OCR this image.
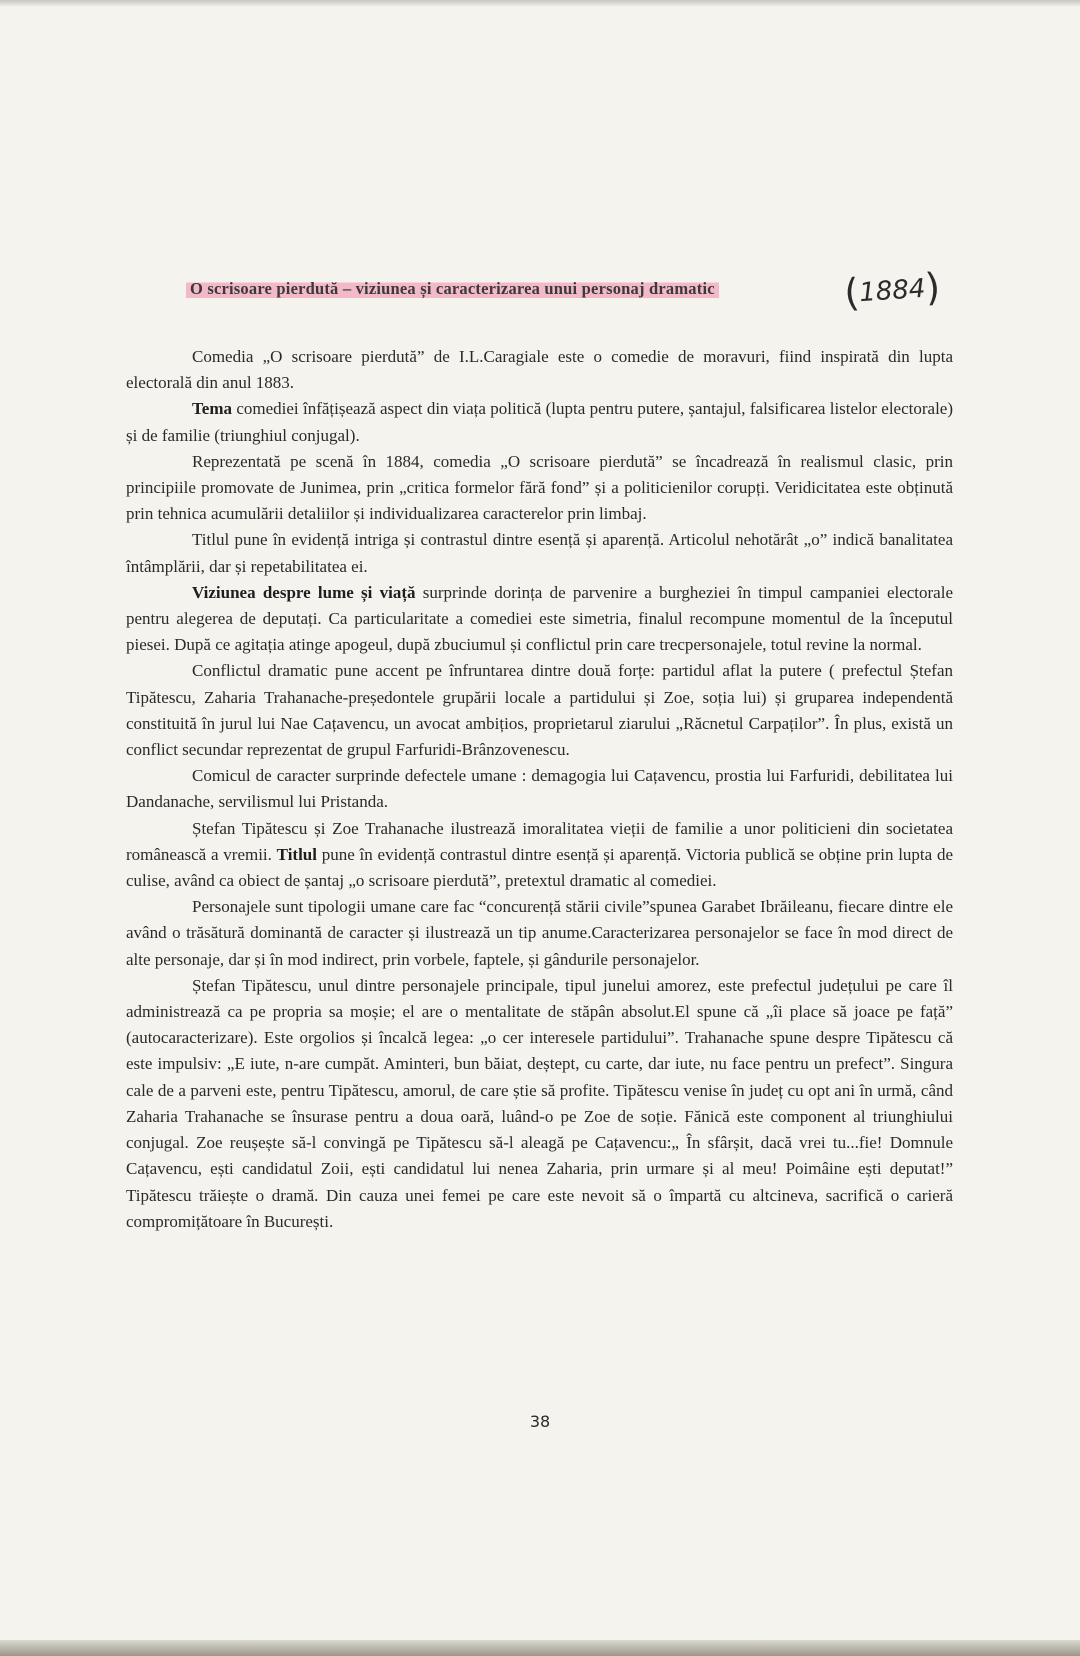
O scrisoare pierdută – viziunea și caracterizarea unui personaj dramatic	(1884)

Comedia „O scrisoare pierdută” de I.L.Caragiale este o comedie de moravuri, fiind inspirată din lupta electorală din anul 1883.

Tema comediei înfățișează aspect din viața politică (lupta pentru putere, șantajul, falsificarea listelor electorale) și de familie (triunghiul conjugal).

Reprezentată pe scenă în 1884, comedia „O scrisoare pierdută” se încadrează în realismul clasic, prin principiile promovate de Junimea, prin „critica formelor fără fond” și a politicienilor corupți. Veridicitatea este obținută prin tehnica acumulării detaliilor și individualizarea caracterelor prin limbaj.

Titlul pune în evidență intriga și contrastul dintre esență și aparență. Articolul nehotărât „o” indică banalitatea întâmplării, dar și repetabilitatea ei.

Viziunea despre lume și viață surprinde dorința de parvenire a burgheziei în timpul campaniei electorale pentru alegerea de deputați. Ca particularitate a comediei este simetria, finalul recompune momentul de la începutul piesei. După ce agitația atinge apogeul, după zbuciumul și conflictul prin care trecpersonajele, totul revine la normal.

Conflictul dramatic pune accent pe înfruntarea dintre două forțe: partidul aflat la putere ( prefectul Ștefan Tipătescu, Zaharia Trahanache-președontele grupării locale a partidului și Zoe, soția lui) și gruparea independentă constituită în jurul lui Nae Cațavencu, un avocat ambițios, proprietarul ziarului „Răcnetul Carpaților”. În plus, există un conflict secundar reprezentat de grupul Farfuridi-Brânzovenescu.

Comicul de caracter surprinde defectele umane : demagogia lui Cațavencu, prostia lui Farfuridi, debilitatea lui Dandanache, servilismul lui Pristanda.

Ștefan Tipătescu și Zoe Trahanache ilustrează imoralitatea vieții de familie a unor politicieni din societatea românească a vremii. Titlul pune în evidență contrastul dintre esență și aparență. Victoria publică se obține prin lupta de culise, având ca obiect de șantaj „o scrisoare pierdută”, pretextul dramatic al comediei.

Personajele sunt tipologii umane care fac “concurență stării civile”spunea Garabet Ibrăileanu, fiecare dintre ele având o trăsătură dominantă de caracter și ilustrează un tip anume.Caracterizarea personajelor se face în mod direct de alte personaje, dar și în mod indirect, prin vorbele, faptele, și gândurile personajelor.

Ștefan Tipătescu, unul dintre personajele principale, tipul junelui amorez, este prefectul județului pe care îl administrează ca pe propria sa moșie; el are o mentalitate de stăpân absolut.El spune că „îi place să joace pe față” (autocaracterizare). Este orgolios și încalcă legea: „o cer interesele partidului”. Trahanache spune despre Tipătescu că este impulsiv: „E iute, n-are cumpăt. Aminteri, bun băiat, deștept, cu carte, dar iute, nu face pentru un prefect”. Singura cale de a parveni este, pentru Tipătescu, amorul, de care știe să profite. Tipătescu venise în județ cu opt ani în urmă, când Zaharia Trahanache se însurase pentru a doua oară, luând-o pe Zoe de soție. Fănică este component al triunghiului conjugal. Zoe reușește să-l convingă pe Tipătescu să-l aleagă pe Cațavencu:„ În sfârșit, dacă vrei tu...fie! Domnule Cațavencu, ești candidatul Zoii, ești candidatul lui nenea Zaharia, prin urmare și al meu! Poimâine ești deputat!” Tipătescu trăiește o dramă. Din cauza unei femei pe care este nevoit să o împartă cu altcineva, sacrifică o carieră compromițătoare în București.

38
